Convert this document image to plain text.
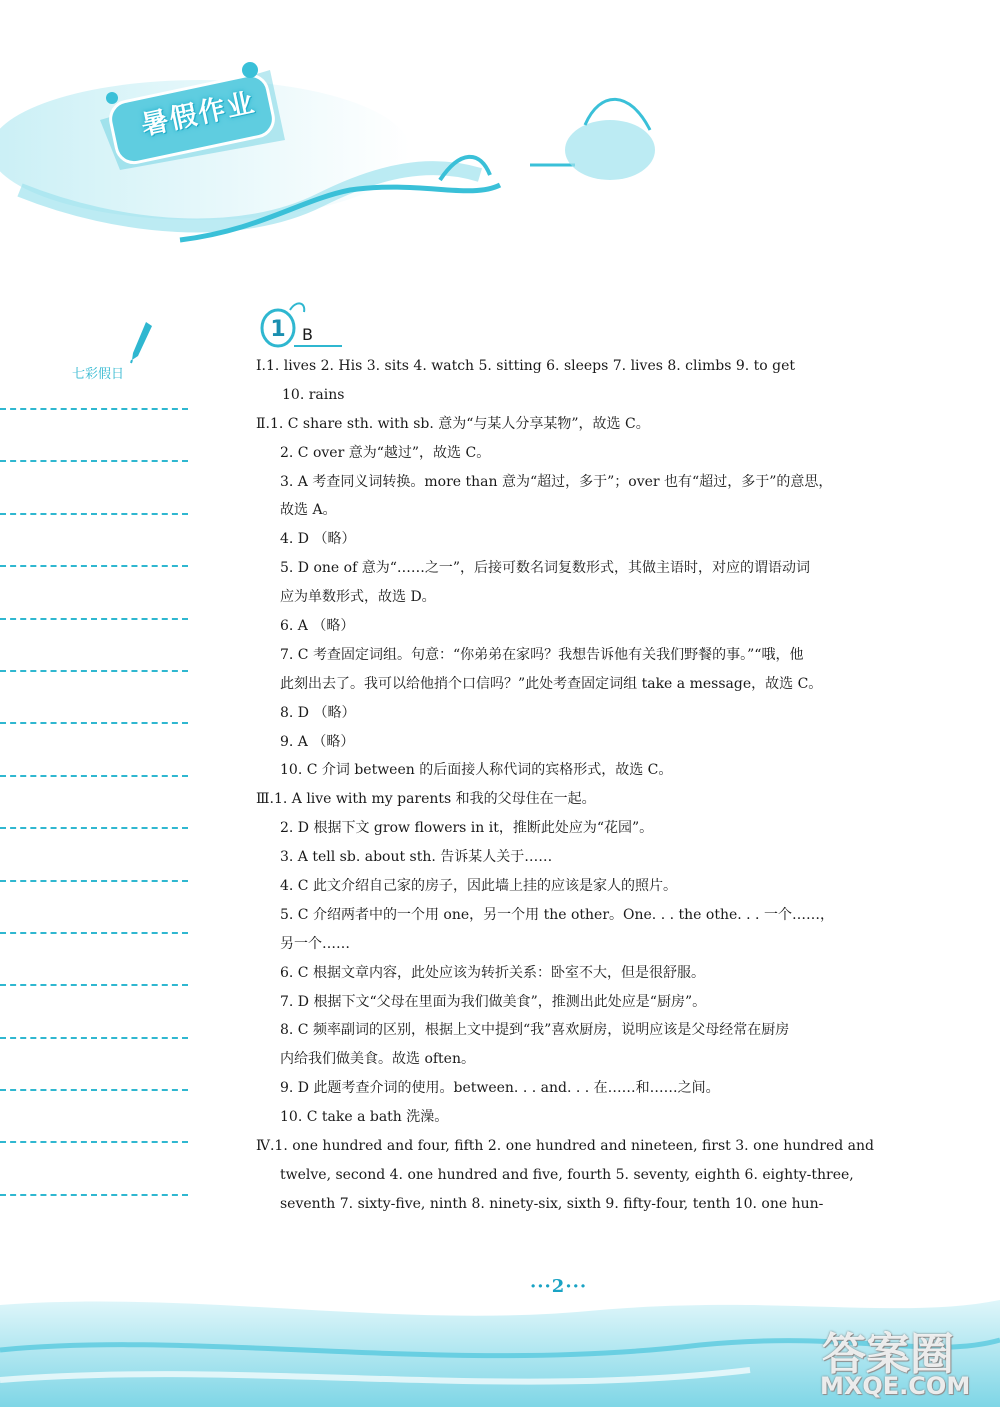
暑假作业
七彩假日
1 B
Ⅰ.1. lives 2. His 3. sits 4. watch 5. sitting 6. sleeps 7. lives 8. climbs 9. to get
10. rains
Ⅱ.1. C share sth. with sb. 意为“与某人分享某物”，故选 C。
2. C over 意为“越过”，故选 C。
3. A 考查同义词转换。more than 意为“超过，多于”；over 也有“超过，多于”的意思，
故选 A。
4. D （略）
5. D one of 意为“……之一”，后接可数名词复数形式，其做主语时，对应的谓语动词
应为单数形式，故选 D。
6. A （略）
7. C 考查固定词组。句意：“你弟弟在家吗？我想告诉他有关我们野餐的事。”“哦，他
此刻出去了。我可以给他捎个口信吗？”此处考查固定词组 take a message，故选 C。
8. D （略）
9. A （略）
10. C 介词 between 的后面接人称代词的宾格形式，故选 C。
Ⅲ.1. A live with my parents 和我的父母住在一起。
2. D 根据下文 grow flowers in it，推断此处应为“花园”。
3. A tell sb. about sth. 告诉某人关于……
4. C 此文介绍自己家的房子，因此墙上挂的应该是家人的照片。
5. C 介绍两者中的一个用 one，另一个用 the other。One. . . the othe. . . 一个……，
另一个……
6. C 根据文章内容，此处应该为转折关系：卧室不大，但是很舒服。
7. D 根据下文“父母在里面为我们做美食”，推测出此处应是“厨房”。
8. C 频率副词的区别，根据上文中提到“我”喜欢厨房，说明应该是父母经常在厨房
内给我们做美食。故选 often。
9. D 此题考查介词的使用。between. . . and. . . 在……和……之间。
10. C take a bath 洗澡。
Ⅳ.1. one hundred and four, fifth 2. one hundred and nineteen, first 3. one hundred and
twelve, second 4. one hundred and five, fourth 5. seventy, eighth 6. eighty-three,
seventh 7. sixty-five, ninth 8. ninety-six, sixth 9. fifty-four, tenth 10. one hun-
···2···
答案圈
MXQE.COM
